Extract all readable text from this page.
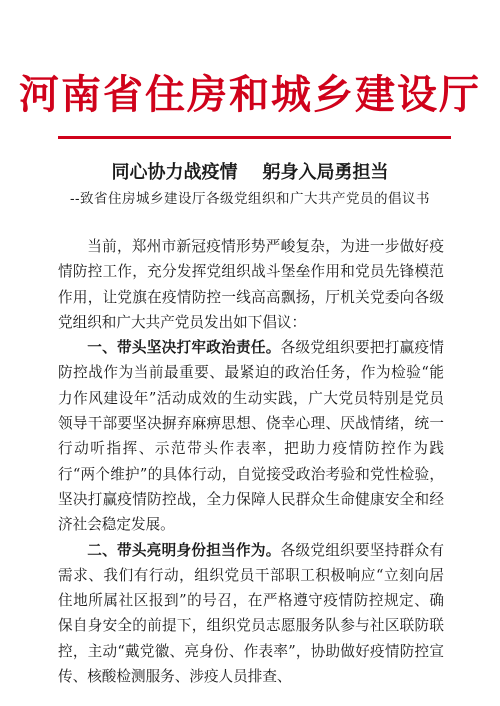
河南省住房和城乡建设厅
同心协力战疫情    躬身入局勇担当
--致省住房城乡建设厅各级党组织和广大共产党员的倡议书

当前，郑州市新冠疫情形势严峻复杂，为进一步做好疫情防控工作，充分发挥党组织战斗堡垒作用和党员先锋模范作用，让党旗在疫情防控一线高高飘扬，厅机关党委向各级党组织和广大共产党员发出如下倡议：

一、带头坚决打牢政治责任。各级党组织要把打赢疫情防控战作为当前最重要、最紧迫的政治任务，作为检验“能力作风建设年”活动成效的生动实践，广大党员特别是党员领导干部要坚决摒弃麻痹思想、侥幸心理、厌战情绪，统一行动听指挥、示范带头作表率，把助力疫情防控作为践行“两个维护”的具体行动，自觉接受政治考验和党性检验，坚决打赢疫情防控战，全力保障人民群众生命健康安全和经济社会稳定发展。

二、带头亮明身份担当作为。各级党组织要坚持群众有需求、我们有行动，组织党员干部职工积极响应“立刻向居住地所属社区报到”的号召，在严格遵守疫情防控规定、确保自身安全的前提下，组织党员志愿服务队参与社区联防联控，主动“戴党徽、亮身份、作表率”，协助做好疫情防控宣传、核酸检测服务、涉疫人员排查、
